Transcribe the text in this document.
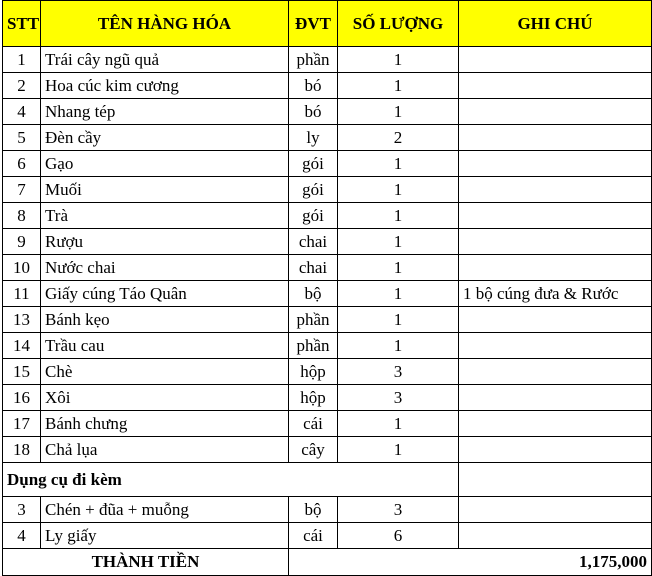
STT	TÊN HÀNG HÓA	ĐVT	SỐ LƯỢNG	GHI CHÚ
1	Trái cây ngũ quả	phần	1	
2	Hoa cúc kim cương	bó	1	
4	Nhang tép	bó	1	
5	Đèn cầy	ly	2	
6	Gạo	gói	1	
7	Muối	gói	1	
8	Trà	gói	1	
9	Rượu	chai	1	
10	Nước chai	chai	1	
11	Giấy cúng Táo Quân	bộ	1	1 bộ cúng đưa & Rước
13	Bánh kẹo	phần	1	
14	Trầu cau	phần	1	
15	Chè	hộp	3	
16	Xôi	hộp	3	
17	Bánh chưng	cái	1	
18	Chả lụa	cây	1	
Dụng cụ đi kèm				
3	Chén + đũa + muỗng	bộ	3	
4	Ly giấy	cái	6	
THÀNH TIỀN		1,175,000		
